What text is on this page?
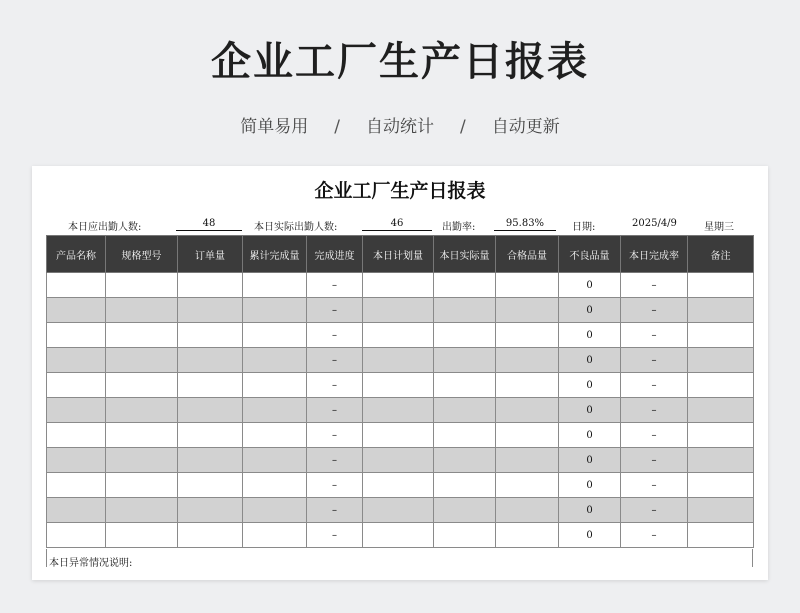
企业工厂生产日报表
简单易用 / 自动统计 / 自动更新
企业工厂生产日报表
本日应出勤人数:	48	本日实际出勤人数:	46	出勤率:	95.83%	日期:	2025/4/9	星期三
产品名称	规格型号	订单量	累计完成量	完成进度	本日计划量	本日实际量	合格品量	不良品量	本日完成率	备注
				–				0	–	
				–				0	–	
				–				0	–	
				–				0	–	
				–				0	–	
				–				0	–	
				–				0	–	
				–				0	–	
				–				0	–	
				–				0	–	
				–				0	–	
本日异常情况说明:
